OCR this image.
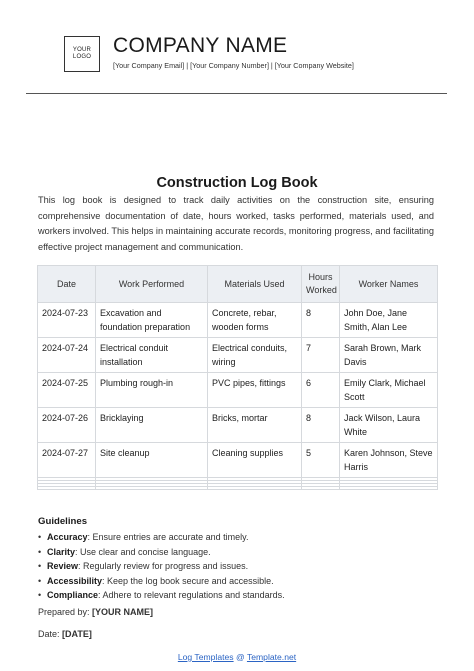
YOUR
LOGO COMPANY NAME
[Your Company Email] | [Your Company Number] | [Your Company Website]
Construction Log Book

This log book is designed to track daily activities on the construction site, ensuring comprehensive documentation of date, hours worked, tasks performed, materials used, and workers involved. This helps in maintaining accurate records, monitoring progress, and facilitating effective project management and communication.

Date	Work Performed	Materials Used	Hours Worked	Worker Names
2024-07-23	Excavation and foundation preparation	Concrete, rebar, wooden forms	8	John Doe, Jane Smith, Alan Lee
2024-07-24	Electrical conduit installation	Electrical conduits, wiring	7	Sarah Brown, Mark Davis
2024-07-25	Plumbing rough-in	PVC pipes, fittings	6	Emily Clark, Michael Scott
2024-07-26	Bricklaying	Bricks, mortar	8	Jack Wilson, Laura White
2024-07-27	Site cleanup	Cleaning supplies	5	Karen Johnson, Steve Harris

Guidelines
• Accuracy: Ensure entries are accurate and timely.
• Clarity: Use clear and concise language.
• Review: Regularly review for progress and issues.
• Accessibility: Keep the log book secure and accessible.
• Compliance: Adhere to relevant regulations and standards.
Prepared by: [YOUR NAME]
Date: [DATE]
Log Templates @ Template.net
